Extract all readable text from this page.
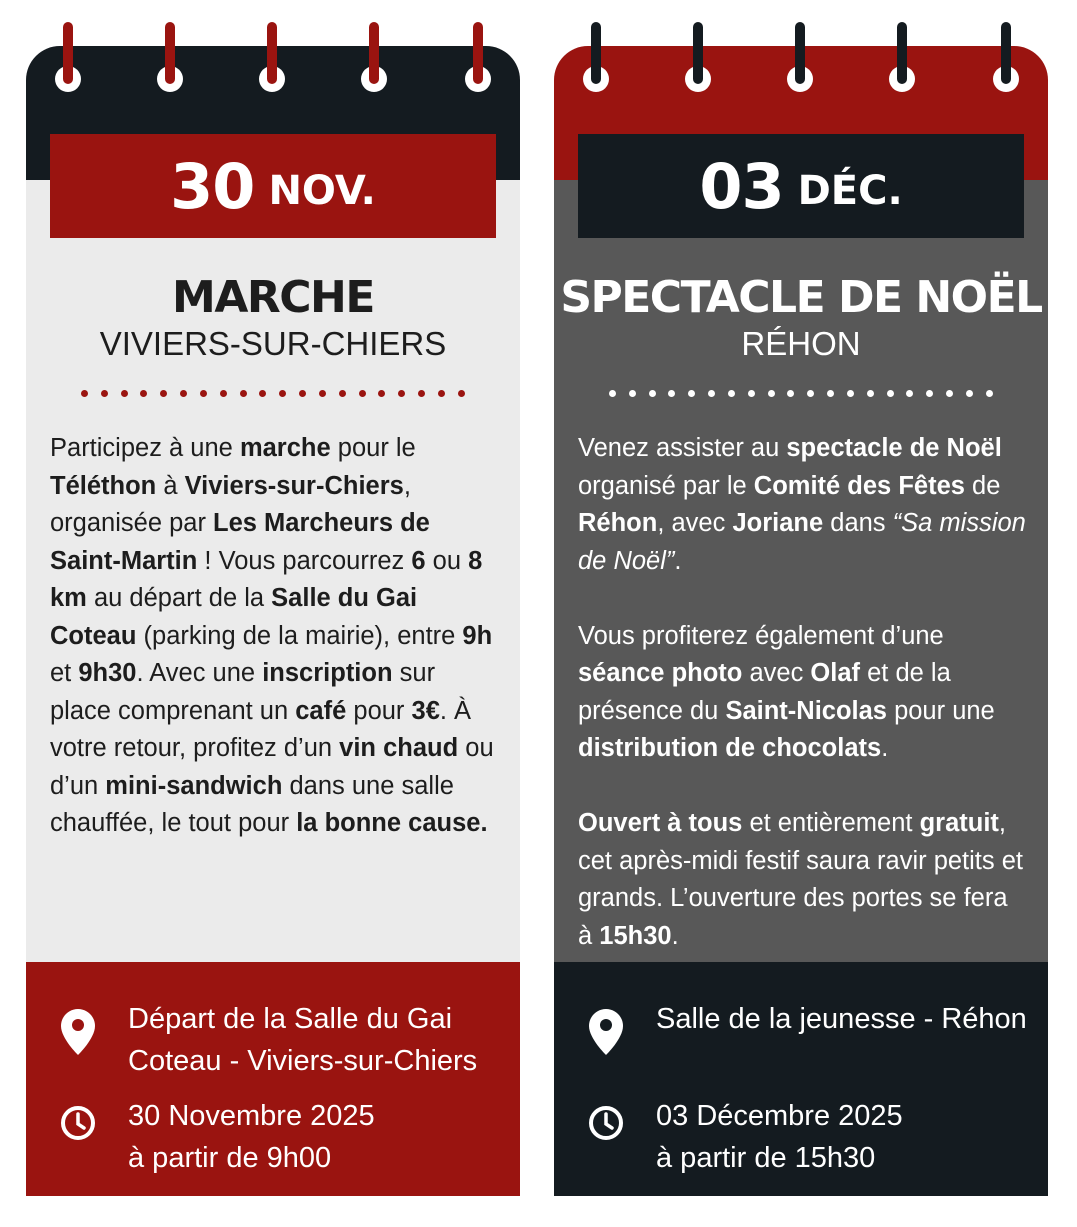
30 NOV.
MARCHE
VIVIERS-SUR-CHIERS

Participez à une marche pour le Téléthon à Viviers-sur-Chiers, organisée par Les Marcheurs de Saint-Martin ! Vous parcourrez 6 ou 8 km au départ de la Salle du Gai Coteau (parking de la mairie), entre 9h et 9h30. Avec une inscription sur place comprenant un café pour 3€. À votre retour, profitez d’un vin chaud ou d’un mini-sandwich dans une salle chauffée, le tout pour la bonne cause.

Départ de la Salle du Gai Coteau - Viviers-sur-Chiers
30 Novembre 2025
à partir de 9h00
03 DÉC.
SPECTACLE DE NOËL
RÉHON

Venez assister au spectacle de Noël organisé par le Comité des Fêtes de Réhon, avec Joriane dans “Sa mission de Noël”.

Vous profiterez également d’une séance photo avec Olaf et de la présence du Saint-Nicolas pour une distribution de chocolats.

Ouvert à tous et entièrement gratuit, cet après-midi festif saura ravir petits et grands. L’ouverture des portes se fera à 15h30.

Salle de la jeunesse - Réhon
03 Décembre 2025
à partir de 15h30
